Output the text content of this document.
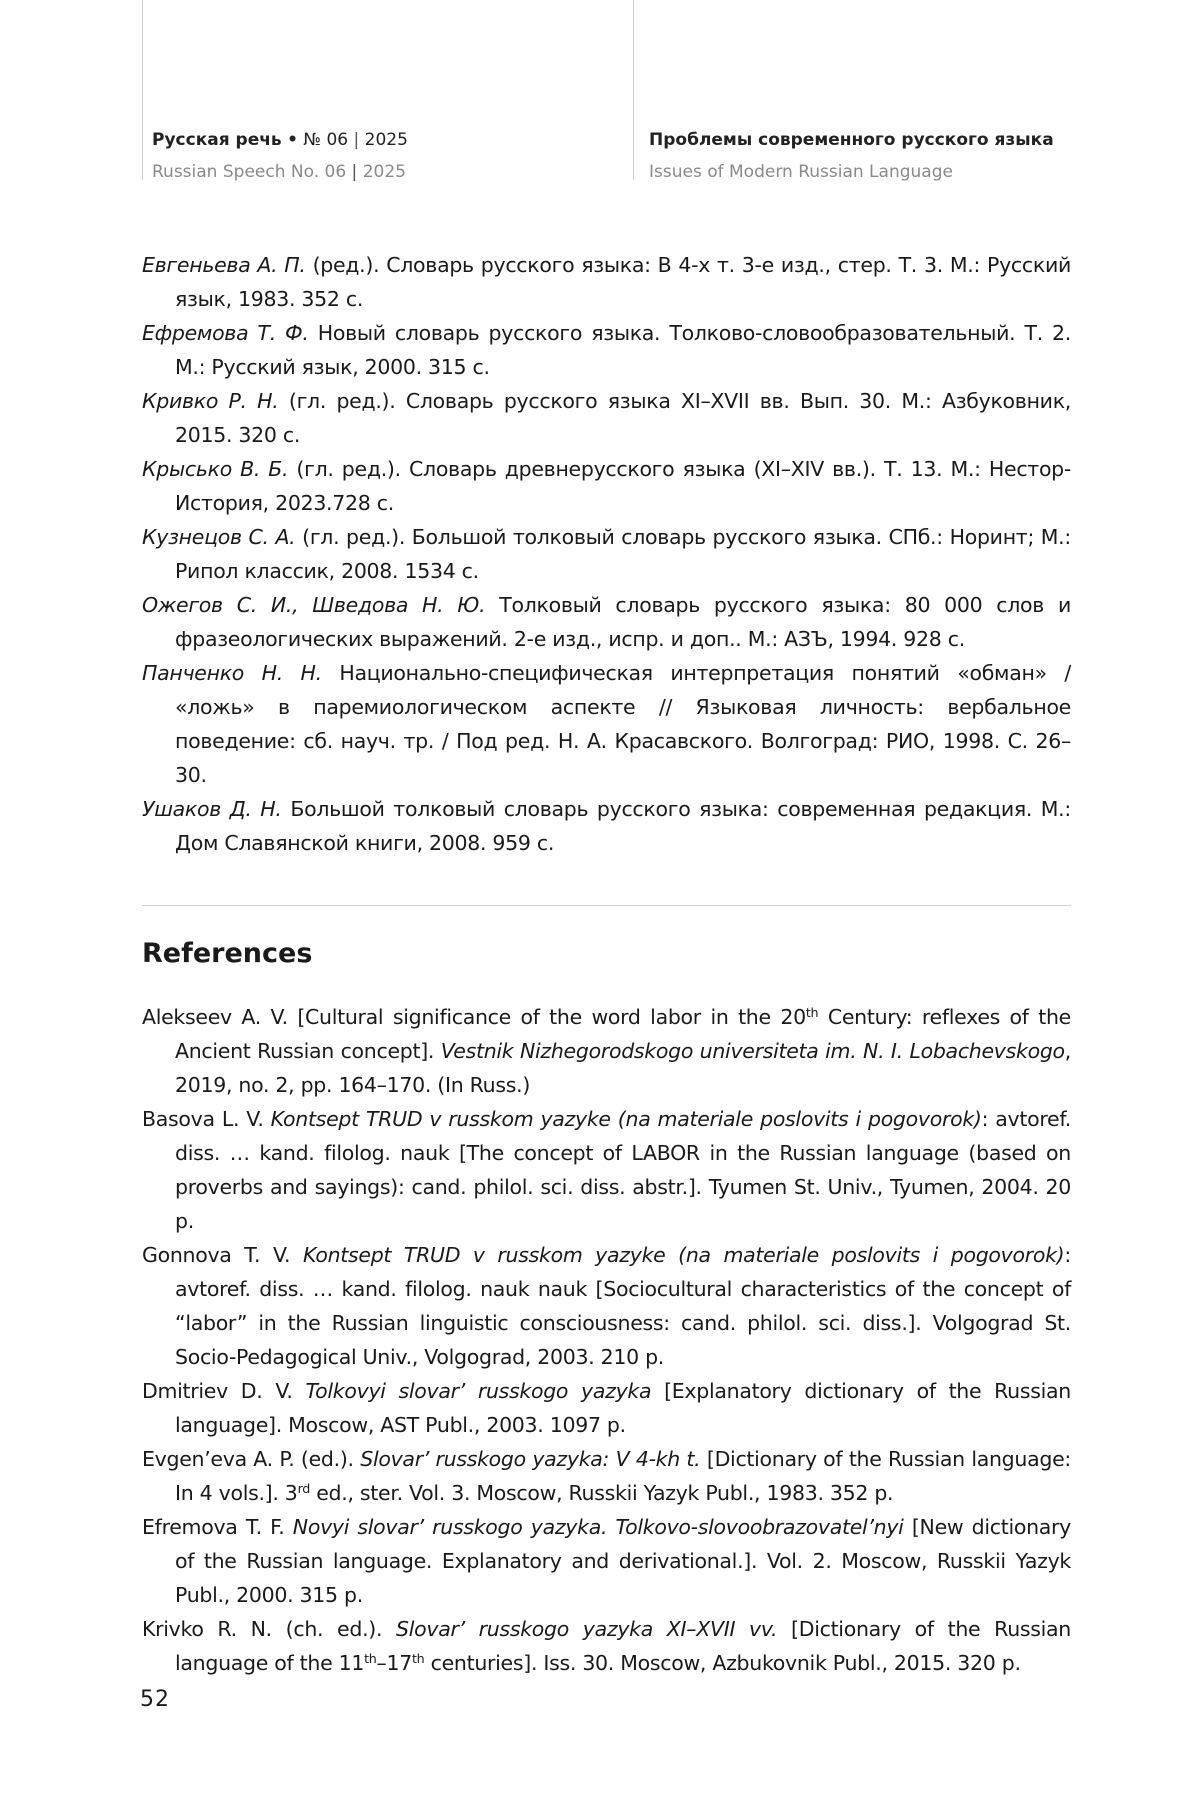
Русская речь • № 06 | 2025
Russian Speech No. 06 | 2025
Проблемы современного русского языка
Issues of Modern Russian Language
Евгеньева А. П. (ред.). Словарь русского языка: В 4-х т. 3-е изд., стер. Т. 3. М.: Русский язык, 1983. 352 с.
Ефремова Т. Ф. Новый словарь русского языка. Толково-словообразовательный. Т. 2. М.: Русский язык, 2000. 315 с.
Кривко Р. Н. (гл. ред.). Словарь русского языка XI–XVII вв. Вып. 30. М.: Азбуковник, 2015. 320 с.
Крысько В. Б. (гл. ред.). Словарь древнерусского языка (XI–XIV вв.). Т. 13. М.: Нестор-История, 2023.728 с.
Кузнецов С. А. (гл. ред.). Большой толковый словарь русского языка. СПб.: Норинт; М.: Рипол классик, 2008. 1534 с.
Ожегов С. И., Шведова Н. Ю. Толковый словарь русского языка: 80 000 слов и фразеологических выражений. 2-е изд., испр. и доп.. М.: АЗЪ, 1994. 928 с.
Панченко Н. Н. Национально-специфическая интерпретация понятий «обман» / «ложь» в паремиологическом аспекте // Языковая личность: вербальное поведение: сб. науч. тр. / Под ред. Н. А. Красавского. Волгоград: РИО, 1998. С. 26–30.
Ушаков Д. Н. Большой толковый словарь русского языка: современная редакция. М.: Дом Славянской книги, 2008. 959 с.
References
Alekseev A. V. [Cultural significance of the word labor in the 20th Century: reflexes of the Ancient Russian concept]. Vestnik Nizhegorodskogo universiteta im. N. I. Lobachevskogo, 2019, no. 2, pp. 164–170. (In Russ.)
Basova L. V. Kontsept TRUD v russkom yazyke (na materiale poslovits i pogovorok): avtoref. diss. … kand. filolog. nauk [The concept of LABOR in the Russian language (based on proverbs and sayings): cand. philol. sci. diss. abstr.]. Tyumen St. Univ., Tyumen, 2004. 20 p.
Gonnova T. V. Kontsept TRUD v russkom yazyke (na materiale poslovits i pogovorok): avtoref. diss. … kand. filolog. nauk nauk [Sociocultural characteristics of the concept of “labor” in the Russian linguistic consciousness: cand. philol. sci. diss.]. Volgograd St. Socio-Pedagogical Univ., Volgograd, 2003. 210 p.
Dmitriev D. V. Tolkovyi slovar’ russkogo yazyka [Explanatory dictionary of the Russian language]. Moscow, AST Publ., 2003. 1097 p.
Evgen’eva A. P. (ed.). Slovar’ russkogo yazyka: V 4-kh t. [Dictionary of the Russian language: In 4 vols.]. 3rd ed., ster. Vol. 3. Moscow, Russkii Yazyk Publ., 1983. 352 p.
Efremova T. F. Novyi slovar’ russkogo yazyka. Tolkovo-slovoobrazovatel’nyi [New dictionary of the Russian language. Explanatory and derivational.]. Vol. 2. Moscow, Russkii Yazyk Publ., 2000. 315 p.
Krivko R. N. (ch. ed.). Slovar’ russkogo yazyka XI–XVII vv. [Dictionary of the Russian language of the 11th–17th centuries]. Iss. 30. Moscow, Azbukovnik Publ., 2015. 320 p.
52
